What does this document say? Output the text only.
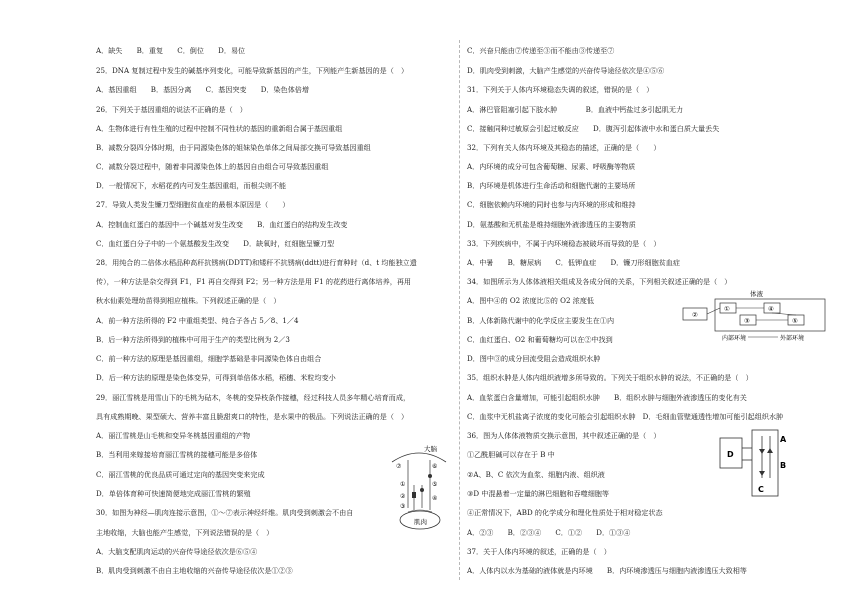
A．缺失　　B．重复　　C．倒位　　D．易位
25．DNA 复制过程中发生的碱基序列变化，可能导致新基因的产生，下列能产生新基因的是（　）
A．基因重组　　B．基因分离　　C．基因突变　　D．染色体倍增
26．下列关于基因重组的说法不正确的是（　）
A．生物体进行有性生殖的过程中控制不同性状的基因的重新组合属于基因重组
B．减数分裂四分体时期，由于同源染色体的姐妹染色单体之间局部交换可导致基因重组
C．减数分裂过程中，随着非同源染色体上的基因自由组合可导致基因重组
D．一般情况下，水稻花药内可发生基因重组，而根尖则不能
27．导致人类发生镰刀型细胞贫血症的最根本原因是（　　）
A．控制血红蛋白的基因中一个碱基对发生改变　　B．血红蛋白的结构发生改变
C．血红蛋白分子中的一个氨基酸发生改变　　D．缺氧时，红细胞呈镰刀型
28．用纯合的二倍体水稻品种高秆抗锈病(DDTT)和矮秆不抗锈病(ddtt)进行育种时（d、t 均能独立遗
传），一种方法是杂交得到 F1，F1 再自交得到 F2；另一种方法是用 F1 的花药进行离体培养，再用
秋水仙素处理幼苗得到相应植株。下列叙述正确的是（　）
A．前一种方法所得的 F2 中重组类型、纯合子各占 5／8、1／4
B．后一种方法所得到的植株中可用于生产的类型比例为 2／3
C．前一种方法的原理是基因重组，细胞学基础是非同源染色体自由组合
D．后一种方法的原理是染色体变异，可得到单倍体水稻，稻穗、米粒均变小
29．丽江雪桃是用雪山下的毛桃为砧木，冬桃的变异枝条作接穗，经过科技人员多年精心培育而成，
具有成熟期晚、果型硕大、营养丰富且脆甜爽口的特性，是水果中的极品。下列说法正确的是（　）
A．丽江雪桃是山毛桃和变异冬桃基因重组的产物
B．当利用来嫁接培育丽江雪桃的接穗可能是多倍体
C．丽江雪桃的优良品质可通过定向的基因突变来完成
D．单倍体育种可快速简便地完成丽江雪桃的繁殖
30．如图为神经—肌肉连接示意图，①～⑦表示神经纤维。肌肉受到刺激会不由自
主地收缩，大脑也能产生感觉，下列说法错误的是（　）
A．大脑支配肌肉运动的兴奋传导途径依次是⑥⑤④
B．肌肉受到刺激不由自主地收缩的兴奋传导途径依次是①②③
C．兴奋只能由⑦传递至③而不能由③传递至⑦
D．肌肉受到刺激，大脑产生感觉的兴奋传导途径依次是④⑤⑥
31．下列关于人体内环境稳态失调的叙述，错误的是（　）
A．淋巴管阻塞引起下肢水肿　　　　B．血液中钙盐过多引起肌无力
C．接触同种过敏原会引起过敏反应　　D．腹泻引起体液中水和蛋白质大量丢失
32．下列有关人体内环境及其稳态的描述，正确的是（　　）
A．内环境的成分可包含葡萄糖、尿素、呼吸酶等物质
B．内环境是机体进行生命活动和细胞代谢的主要场所
C．细胞依赖内环境的同时也参与内环境的形成和维持
D．氨基酸和无机盐是维持细胞外液渗透压的主要物质
33．下列疾病中，不属于内环境稳态被破坏而导致的是（　）
A．中暑　　B．糖尿病　　C．低钾血症　　D．镰刀形细胞贫血症
34．如图所示为人体体液相关组成及各成分间的关系，下列相关叙述正确的是（　）
A．图中④的 O2 浓度比⑤的 O2 浓度低
B．人体新陈代谢中的化学反应主要发生在①内
C．血红蛋白、O2 和葡萄糖均可以在②中找到
D．图中③的成分回流受阻会造成组织水肿
35．组织水肿是人体内组织液增多所导致的。下列关于组织水肿的说法，不正确的是（　）
A．血浆蛋白含量增加，可能引起组织水肿　　B．组织水肿与细胞外液渗透压的变化有关
C．血浆中无机盐离子浓度的变化可能会引起组织水肿　D．毛细血管壁通透性增加可能引起组织水肿
36．图为人体体液物质交换示意图，其中叙述正确的是（　）
①乙酰胆碱可以存在于 B 中
②A、B、C 依次为血浆、细胞内液、组织液
③D 中混悬着一定量的淋巴细胞和吞噬细胞等
④正常情况下，ABD 的化学成分和理化性质处于相对稳定状态
A．②③　　B．②③④　　C．①②　　D．①③④
37．关于人体内环境的叙述，正确的是（　）
A．人体内以水为基础的液体就是内环境　　B．内环境渗透压与细胞内液渗透压大致相等
大脑
⑦	⑥
①	⑤
②	④
③
肌肉
体液
②
①
③
④
⑤
内部环境	外部环境
D
A
B
C
